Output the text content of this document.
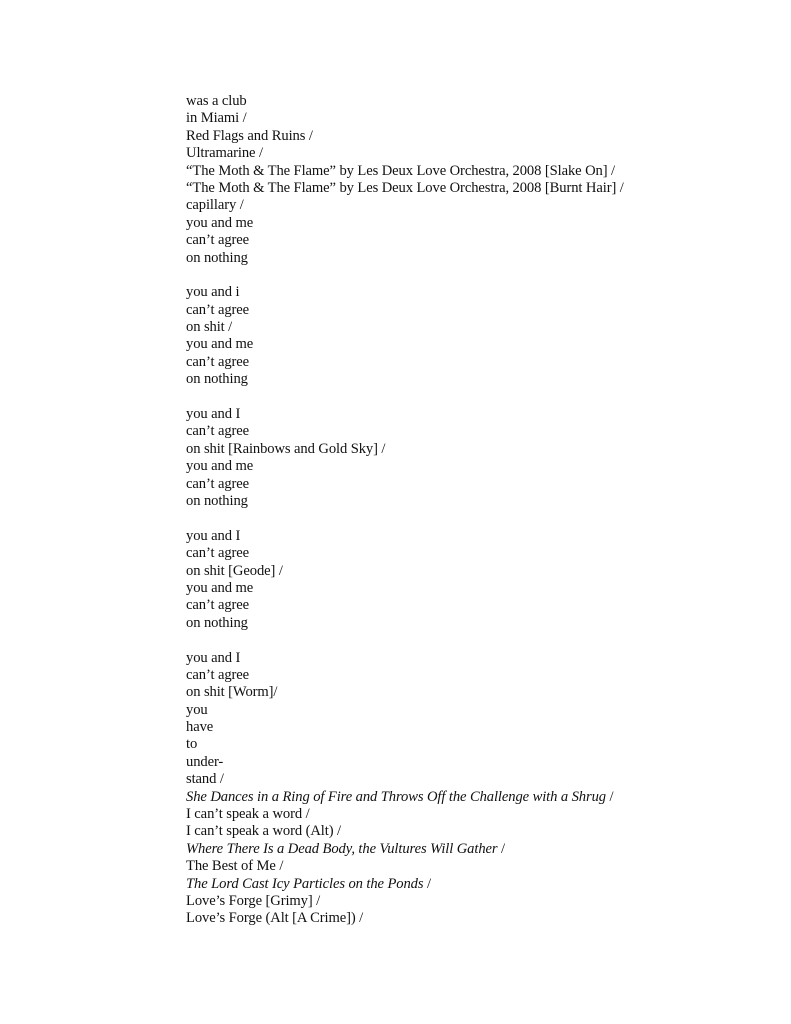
was a club
in Miami /
Red Flags and Ruins /
Ultramarine /
“The Moth & The Flame” by Les Deux Love Orchestra, 2008 [Slake On] /
“The Moth & The Flame” by Les Deux Love Orchestra, 2008 [Burnt Hair] /
capillary /
you and me
can’t agree
on nothing
you and i
can’t agree
on shit /
you and me
can’t agree
on nothing
you and I
can’t agree
on shit [Rainbows and Gold Sky] /
you and me
can’t agree
on nothing
you and I
can’t agree
on shit [Geode] /
you and me
can’t agree
on nothing
you and I
can’t agree
on shit [Worm]/
you
have
to
under-
stand /
She Dances in a Ring of Fire and Throws Off the Challenge with a Shrug /
I can’t speak a word /
I can’t speak a word (Alt) /
Where There Is a Dead Body, the Vultures Will Gather /
The Best of Me /
The Lord Cast Icy Particles on the Ponds /
Love’s Forge [Grimy] /
Love’s Forge (Alt [A Crime]) /
